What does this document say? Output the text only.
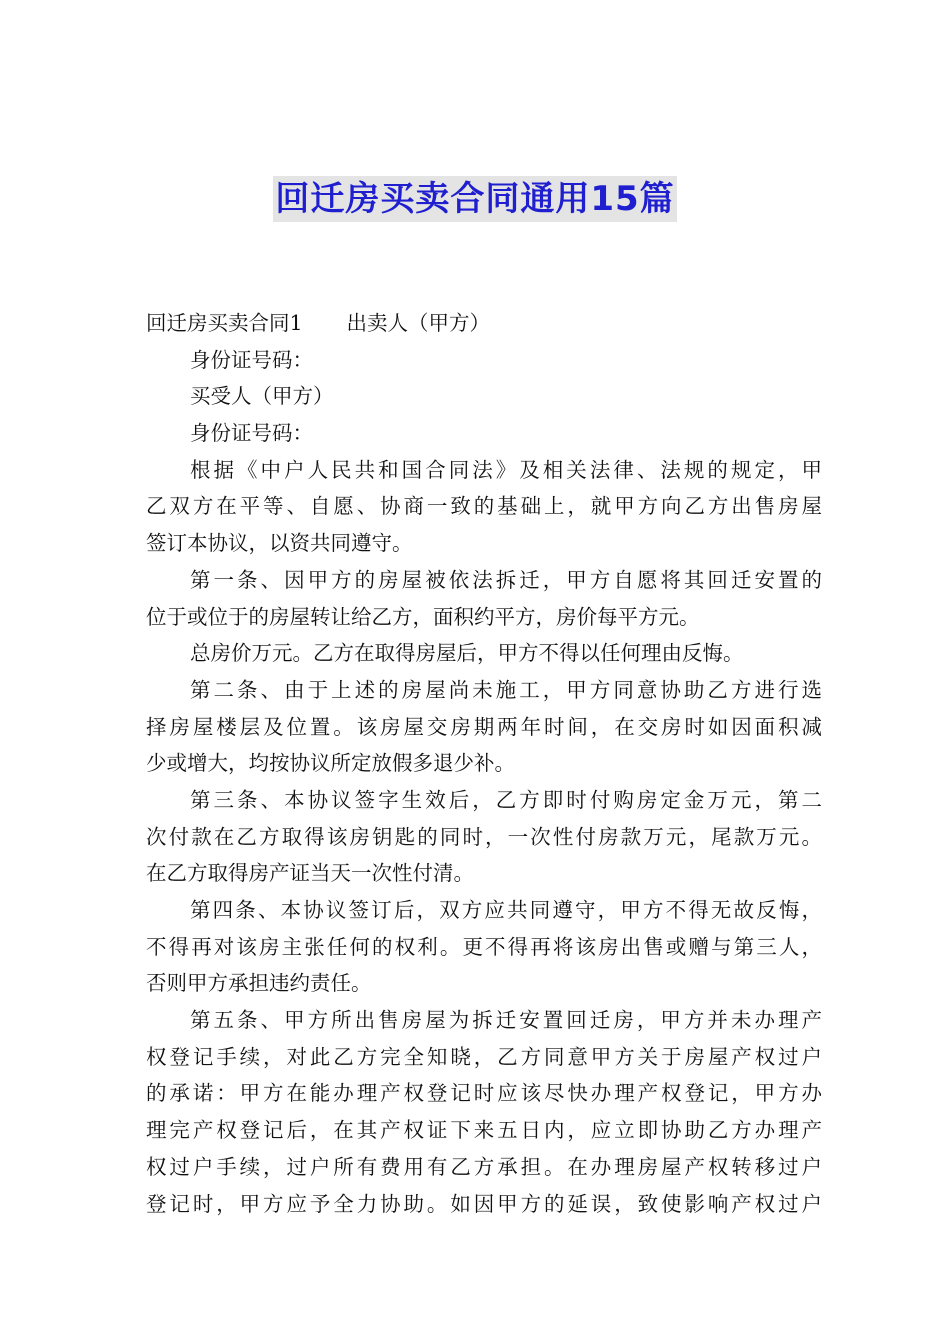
回迁房买卖合同通用15篇
回迁房买卖合同1 出卖人（甲方）
身份证号码：
买受人（甲方）
身份证号码：
根据《中户人民共和国合同法》及相关法律、法规的规定，甲
乙双方在平等、自愿、协商一致的基础上，就甲方向乙方出售房屋
签订本协议，以资共同遵守。
第一条、因甲方的房屋被依法拆迁，甲方自愿将其回迁安置的
位于或位于的房屋转让给乙方，面积约平方，房价每平方元。
总房价万元。乙方在取得房屋后，甲方不得以任何理由反悔。
第二条、由于上述的房屋尚未施工，甲方同意协助乙方进行选
择房屋楼层及位置。该房屋交房期两年时间，在交房时如因面积减
少或增大，均按协议所定放假多退少补。
第三条、本协议签字生效后，乙方即时付购房定金万元，第二
次付款在乙方取得该房钥匙的同时，一次性付房款万元，尾款万元。
在乙方取得房产证当天一次性付清。
第四条、本协议签订后，双方应共同遵守，甲方不得无故反悔，
不得再对该房主张任何的权利。更不得再将该房出售或赠与第三人，
否则甲方承担违约责任。
第五条、甲方所出售房屋为拆迁安置回迁房，甲方并未办理产
权登记手续，对此乙方完全知晓，乙方同意甲方关于房屋产权过户
的承诺：甲方在能办理产权登记时应该尽快办理产权登记，甲方办
理完产权登记后，在其产权证下来五日内，应立即协助乙方办理产
权过户手续，过户所有费用有乙方承担。在办理房屋产权转移过户
登记时，甲方应予全力协助。如因甲方的延误，致使影响产权过户
